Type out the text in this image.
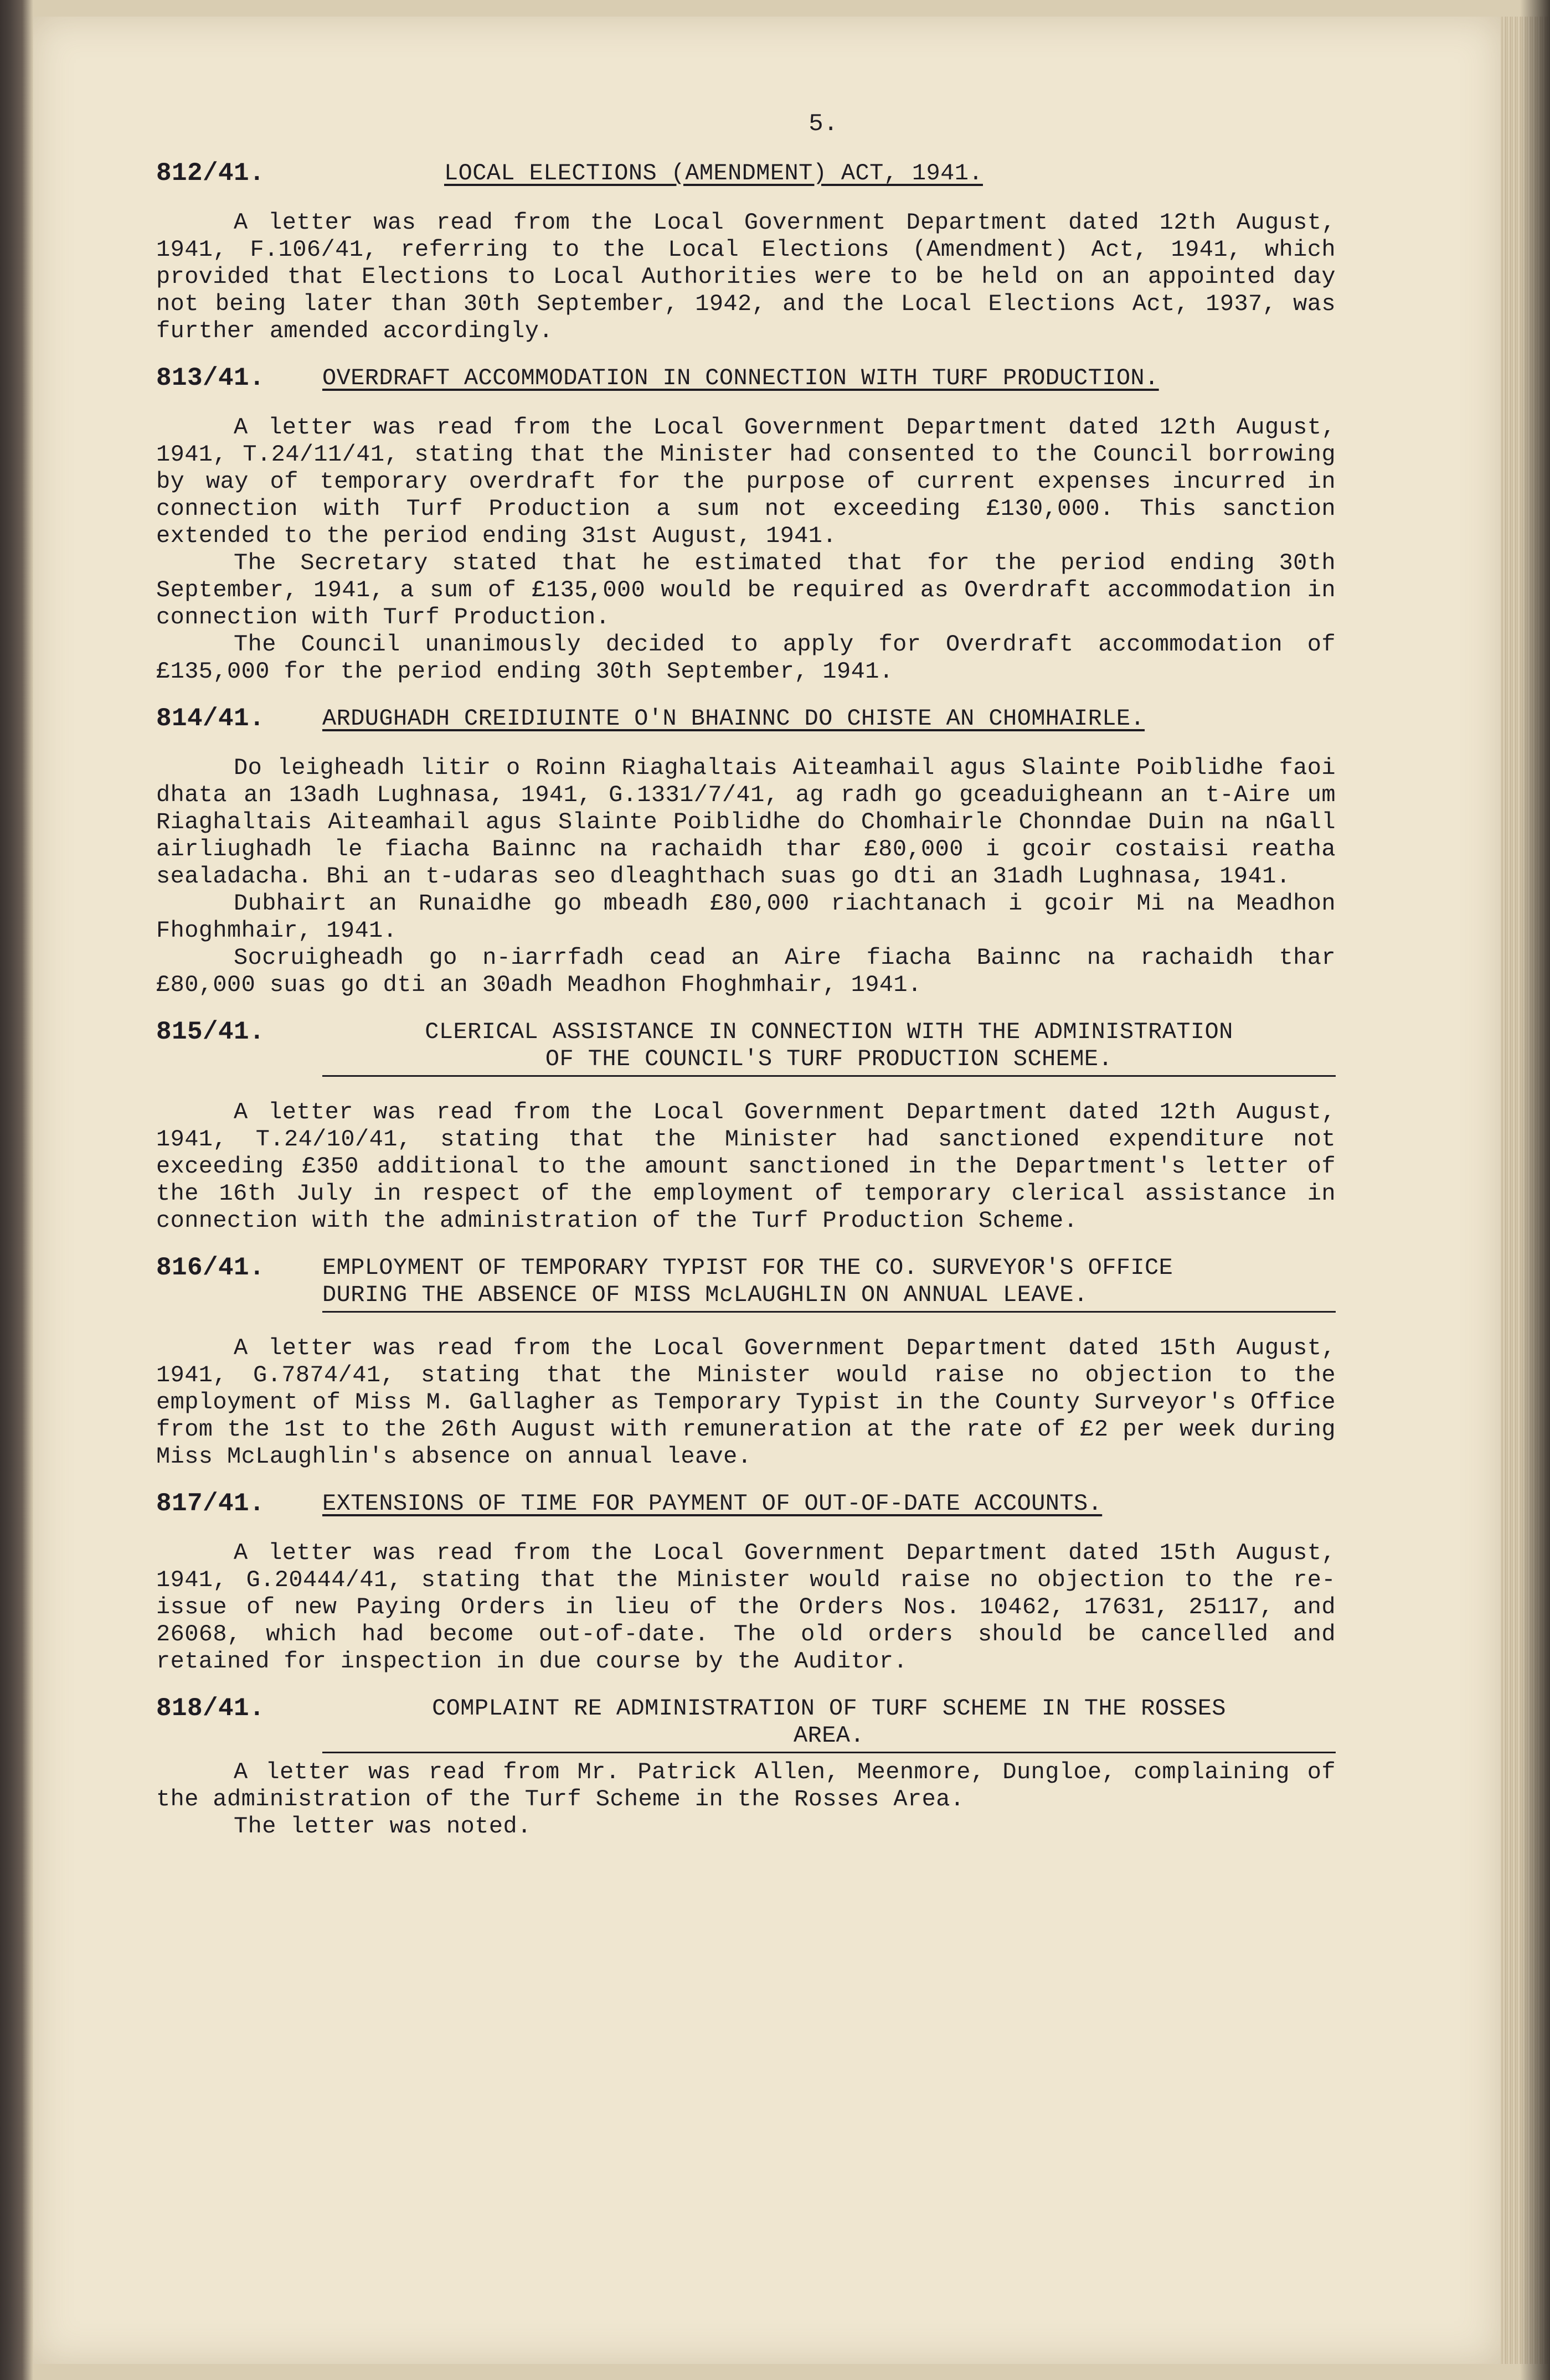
5.
812/41.	LOCAL ELECTIONS (AMENDMENT) ACT, 1941.

A letter was read from the Local Government Department dated 12th August, 1941, F.106/41, referring to the Local Elections (Amendment) Act, 1941, which provided that Elections to Local Authorities were to be held on an appointed day not being later than 30th September, 1942, and the Local Elections Act, 1937, was further amended accordingly.

813/41.	OVERDRAFT ACCOMMODATION IN CONNECTION WITH TURF PRODUCTION.

A letter was read from the Local Government Department dated 12th August, 1941, T.24/11/41, stating that the Minister had consented to the Council borrowing by way of temporary overdraft for the purpose of current expenses incurred in connection with Turf Production a sum not exceeding £130,000. This sanction extended to the period ending 31st August, 1941.

The Secretary stated that he estimated that for the period ending 30th September, 1941, a sum of £135,000 would be required as Overdraft accommodation in connection with Turf Production.

The Council unanimously decided to apply for Overdraft accommodation of £135,000 for the period ending 30th September, 1941.

814/41.	ARDUGHADH CREIDIUINTE O'N BHAINNC DO CHISTE AN CHOMHAIRLE.

Do leigheadh litir o Roinn Riaghaltais Aiteamhail agus Slainte Poiblidhe faoi dhata an 13adh Lughnasa, 1941, G.1331/7/41, ag radh go gceaduigheann an t-Aire um Riaghaltais Aiteamhail agus Slainte Poiblidhe do Chomhairle Chonndae Duin na nGall airliughadh le fiacha Bainnc na rachaidh thar £80,000 i gcoir costaisi reatha sealadacha. Bhi an t-udaras seo dleaghthach suas go dti an 31adh Lughnasa, 1941.

Dubhairt an Runaidhe go mbeadh £80,000 riachtanach i gcoir Mi na Meadhon Fhoghmhair, 1941.

Socruigheadh go n-iarrfadh cead an Aire fiacha Bainnc na rachaidh thar £80,000 suas go dti an 30adh Meadhon Fhoghmhair, 1941.

815/41.	CLERICAL ASSISTANCE IN CONNECTION WITH THE ADMINISTRATION
OF THE COUNCIL'S TURF PRODUCTION SCHEME.

A letter was read from the Local Government Department dated 12th August, 1941, T.24/10/41, stating that the Minister had sanctioned expenditure not exceeding £350 additional to the amount sanctioned in the Department's letter of the 16th July in respect of the employment of temporary clerical assistance in connection with the administration of the Turf Production Scheme.

816/41.	EMPLOYMENT OF TEMPORARY TYPIST FOR THE CO. SURVEYOR'S OFFICE
DURING THE ABSENCE OF MISS McLAUGHLIN ON ANNUAL LEAVE.

A letter was read from the Local Government Department dated 15th August, 1941, G.7874/41, stating that the Minister would raise no objection to the employment of Miss M. Gallagher as Temporary Typist in the County Surveyor's Office from the 1st to the 26th August with remuneration at the rate of £2 per week during Miss McLaughlin's absence on annual leave.

817/41.	EXTENSIONS OF TIME FOR PAYMENT OF OUT-OF-DATE ACCOUNTS.

A letter was read from the Local Government Department dated 15th August, 1941, G.20444/41, stating that the Minister would raise no objection to the re-issue of new Paying Orders in lieu of the Orders Nos. 10462, 17631, 25117, and 26068, which had become out-of-date. The old orders should be cancelled and retained for inspection in due course by the Auditor.

818/41.	COMPLAINT RE ADMINISTRATION OF TURF SCHEME IN THE ROSSES
AREA.

A letter was read from Mr. Patrick Allen, Meenmore, Dungloe, complaining of the administration of the Turf Scheme in the Rosses Area.

The letter was noted.
